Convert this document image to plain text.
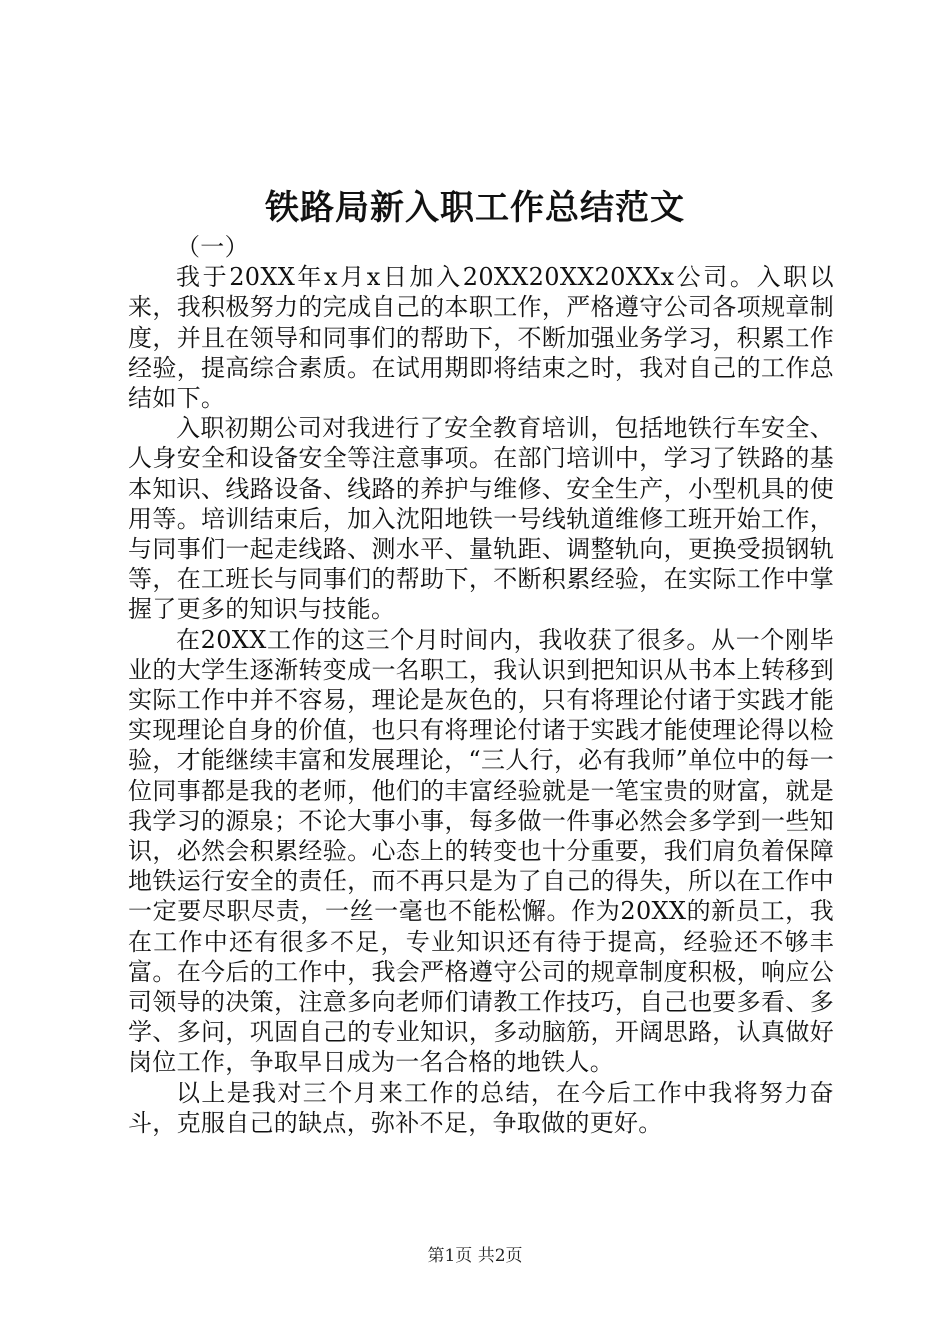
铁路局新入职工作总结范文

（一）

我于20XX年x月x日加入20XX20XX20XXx公司。入职以来，我积极努力的完成自己的本职工作，严格遵守公司各项规章制度，并且在领导和同事们的帮助下，不断加强业务学习，积累工作经验，提高综合素质。在试用期即将结束之时，我对自己的工作总结如下。

入职初期公司对我进行了安全教育培训，包括地铁行车安全、人身安全和设备安全等注意事项。在部门培训中，学习了铁路的基本知识、线路设备、线路的养护与维修、安全生产，小型机具的使用等。培训结束后，加入沈阳地铁一号线轨道维修工班开始工作，与同事们一起走线路、测水平、量轨距、调整轨向，更换受损钢轨等，在工班长与同事们的帮助下，不断积累经验，在实际工作中掌握了更多的知识与技能。

在20XX工作的这三个月时间内，我收获了很多。从一个刚毕业的大学生逐渐转变成一名职工，我认识到把知识从书本上转移到实际工作中并不容易，理论是灰色的，只有将理论付诸于实践才能实现理论自身的价值，也只有将理论付诸于实践才能使理论得以检验，才能继续丰富和发展理论，“三人行，必有我师”单位中的每一位同事都是我的老师，他们的丰富经验就是一笔宝贵的财富，就是我学习的源泉；不论大事小事，每多做一件事必然会多学到一些知识，必然会积累经验。心态上的转变也十分重要，我们肩负着保障地铁运行安全的责任，而不再只是为了自己的得失，所以在工作中一定要尽职尽责，一丝一毫也不能松懈。作为20XX的新员工，我在工作中还有很多不足，专业知识还有待于提高，经验还不够丰富。在今后的工作中，我会严格遵守公司的规章制度积极，响应公司领导的决策，注意多向老师们请教工作技巧，自己也要多看、多学、多问，巩固自己的专业知识，多动脑筋，开阔思路，认真做好岗位工作，争取早日成为一名合格的地铁人。

以上是我对三个月来工作的总结，在今后工作中我将努力奋斗，克服自己的缺点，弥补不足，争取做的更好。

第1页 共2页
